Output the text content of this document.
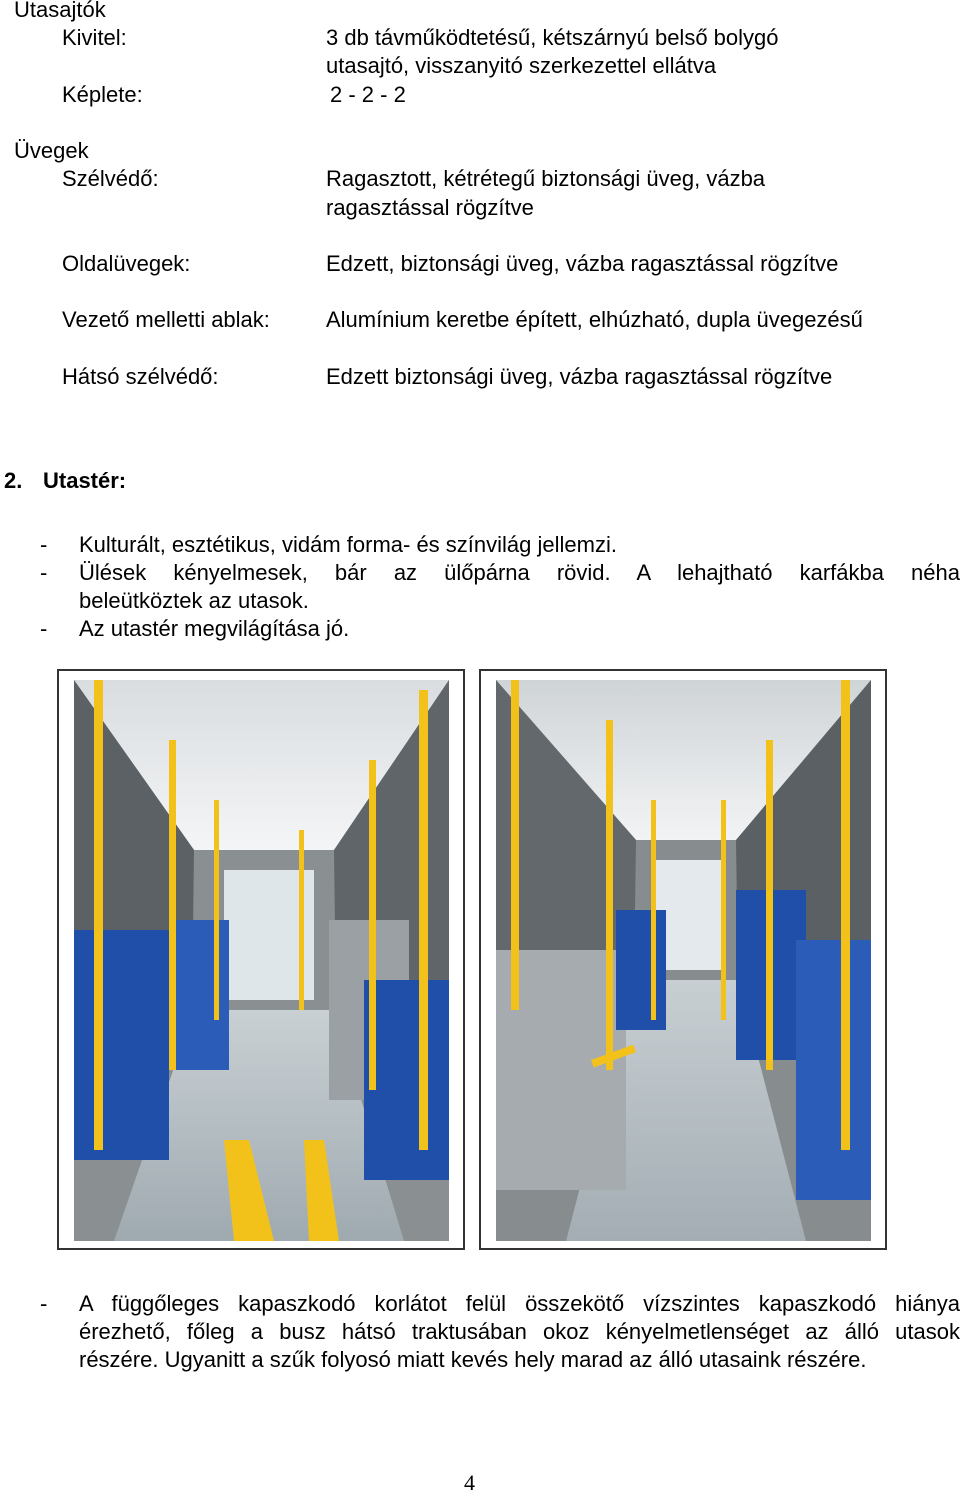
Utasajtók
Kivitel:	3 db távműködtetésű, kétszárnyú belső bolygó
utasajtó, visszanyitó szerkezettel ellátva
Képlete:	2 - 2 - 2
Üvegek
Szélvédő:	Ragasztott, kétrétegű biztonsági üveg, vázba
ragasztással rögzítve
Oldalüvegek:	Edzett, biztonsági üveg, vázba ragasztással rögzítve
Vezető melletti ablak:	Alumínium keretbe épített, elhúzható, dupla üvegezésű
Hátsó szélvédő:	Edzett biztonsági üveg, vázba ragasztással rögzítve
2. Utastér:
- Kulturált, esztétikus, vidám forma- és színvilág jellemzi.
- Ülések kényelmesek, bár az ülőpárna rövid. A lehajtható karfákba néha
beleütköztek az utasok.
- Az utastér megvilágítása jó.
- A függőleges kapaszkodó korlátot felül összekötő vízszintes kapaszkodó hiánya
érezhető, főleg a busz hátsó traktusában okoz kényelmetlenséget az álló utasok
részére. Ugyanitt a szűk folyosó miatt kevés hely marad az álló utasaink részére.
4
